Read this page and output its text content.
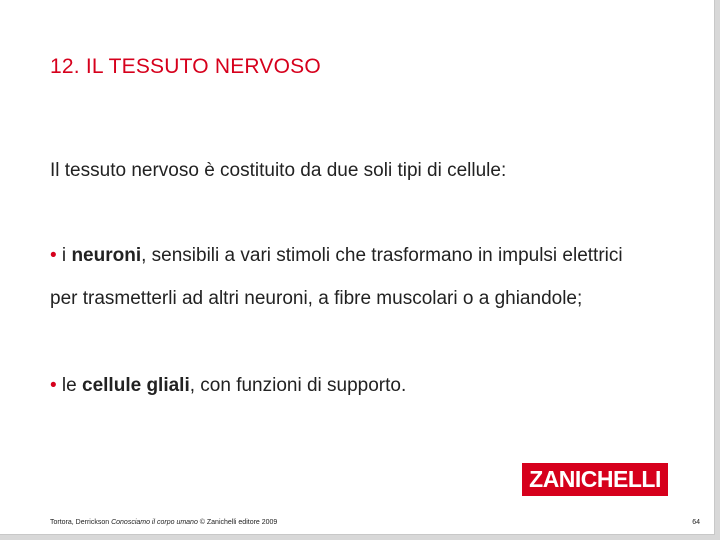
12. IL TESSUTO NERVOSO
Il tessuto nervoso è costituito da due soli tipi di cellule:
• i neuroni, sensibili a vari stimoli che trasformano in impulsi elettrici per trasmetterli ad altri neuroni, a fibre muscolari o a ghiandole;
• le cellule gliali, con funzioni di supporto.
ZANICHELLI
Tortora, Derrickson Conosciamo il corpo umano © Zanichelli editore 2009	64
